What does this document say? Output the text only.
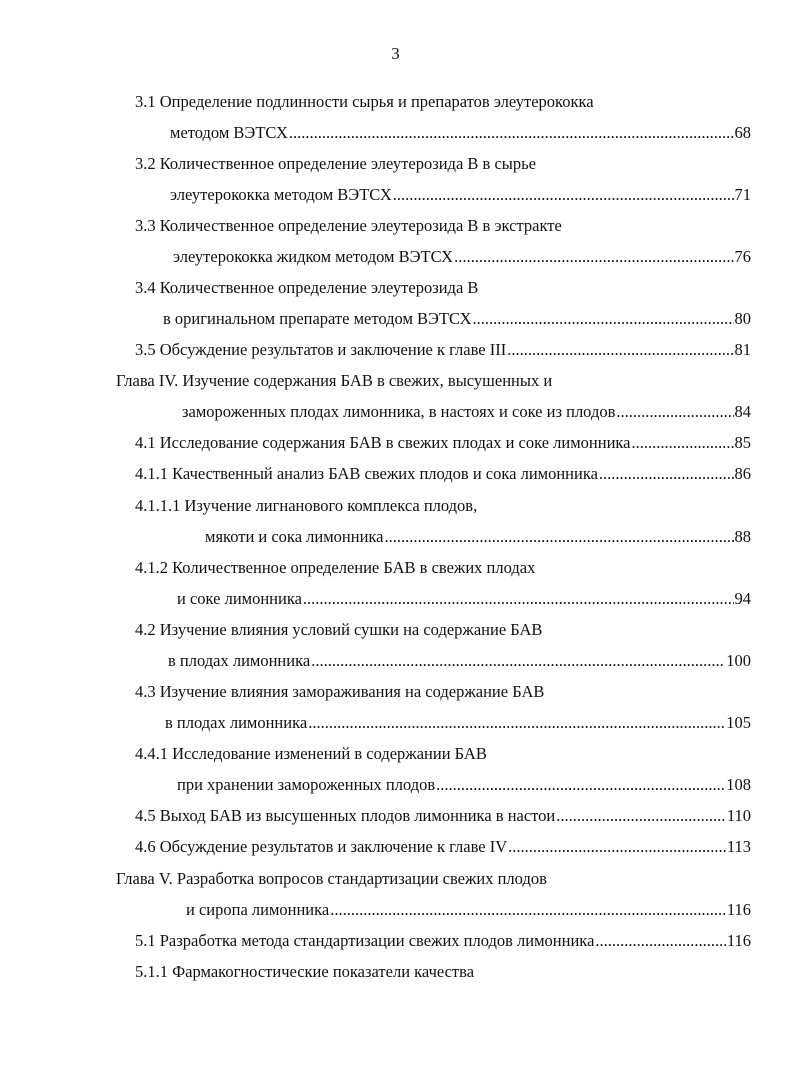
3
3.1 Определение подлинности сырья и препаратов элеутерококка
методом ВЭТСХ .....	68
3.2 Количественное определение элеутерозида В в сырье
элеутерококка методом ВЭТСХ .....	71
3.3 Количественное определение элеутерозида В в экстракте
элеутерококка жидком методом ВЭТСХ .....	76
3.4 Количественное определение элеутерозида В
в оригинальном препарате методом ВЭТСХ .....	80
3.5 Обсуждение результатов и заключение к главе III .....	81
Глава IV. Изучение содержания БАВ в свежих, высушенных и
замороженных плодах лимонника, в настоях и соке из плодов .....	84
4.1 Исследование содержания БАВ в свежих плодах и соке лимонника .....	85
4.1.1 Качественный анализ БАВ свежих плодов и сока лимонника .....	86
4.1.1.1 Изучение лигнанового комплекса плодов,
мякоти и сока лимонника .....	88
4.1.2 Количественное определение БАВ в свежих плодах
и соке лимонника .....	94
4.2 Изучение влияния условий сушки на содержание БАВ
в плодах лимонника .....	100
4.3 Изучение влияния замораживания на содержание БАВ
в плодах лимонника .....	105
4.4.1 Исследование изменений в содержании БАВ
при хранении замороженных плодов .....	108
4.5 Выход БАВ из высушенных плодов лимонника в настои .....	110
4.6 Обсуждение результатов и заключение к главе IV .....	113
Глава V. Разработка вопросов стандартизации свежих плодов
и сиропа лимонника .....	116
5.1 Разработка метода стандартизации свежих плодов лимонника .....	116
5.1.1 Фармакогностические показатели качества
